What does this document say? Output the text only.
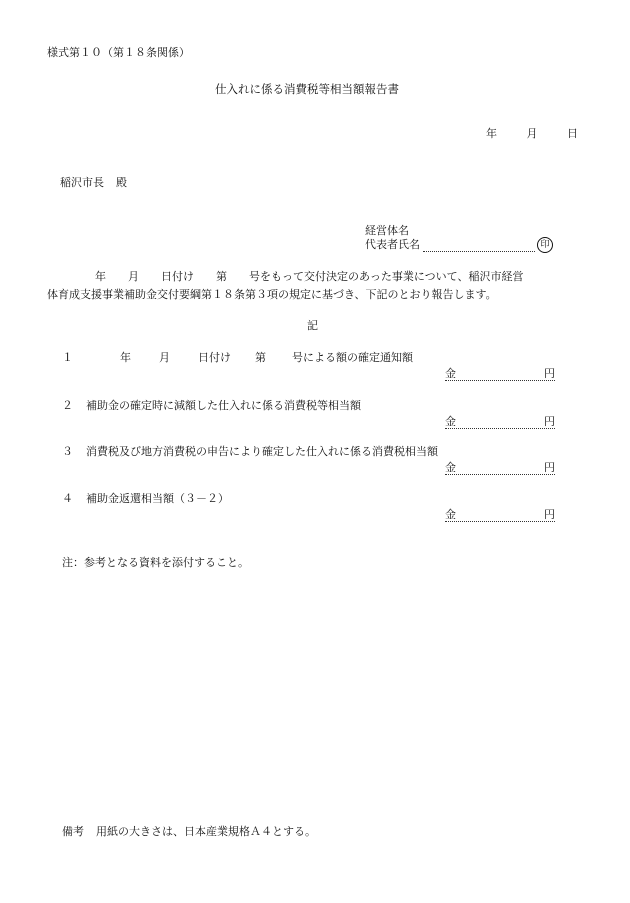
様式第１０（第１８条関係）
仕入れに係る消費税等相当額報告書
年	月	日
稲沢市長 殿
経営体名
代表者氏名	印
年 月 日付け 第 号をもって交付決定のあった事業について、稲沢市経営
体育成支援事業補助金交付要綱第１８条第３項の規定に基づき、下記のとおり報告します。
記
１	年	月	日付け 第 号による額の確定通知額
金	円
２ 補助金の確定時に減額した仕入れに係る消費税等相当額
金	円
３ 消費税及び地方消費税の申告により確定した仕入れに係る消費税相当額
金	円
４ 補助金返還相当額（３－２）
金	円
注：参考となる資料を添付すること。
備考 用紙の大きさは、日本産業規格Ａ４とする。
